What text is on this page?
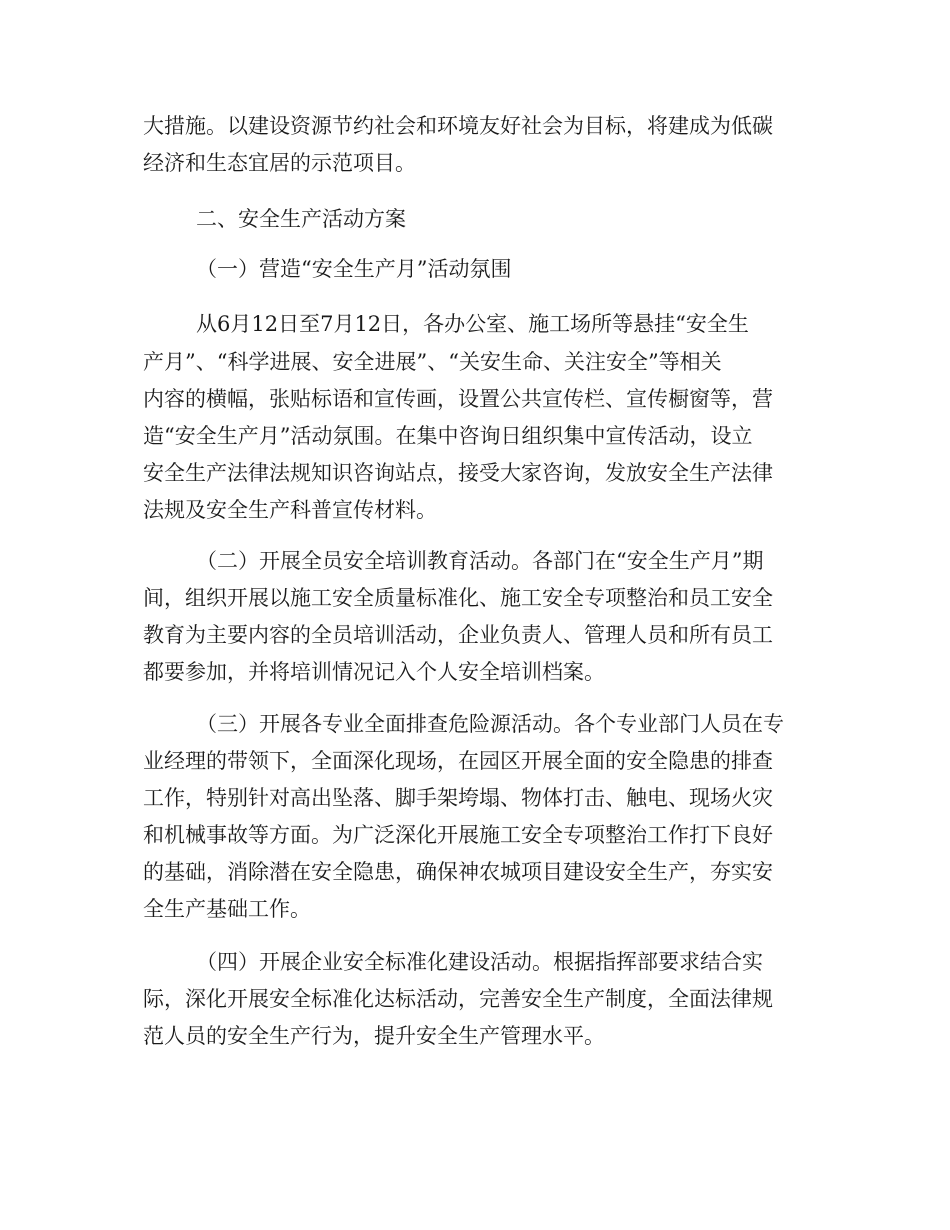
大措施。以建设资源节约社会和环境友好社会为目标，将建成为低碳
经济和生态宜居的示范项目。
二、安全生产活动方案
（一）营造“安全生产月”活动氛围
从6月12日至7月12日，各办公室、施工场所等悬挂“安全生
产月”、“科学进展、安全进展”、“关安生命、关注安全”等相关
内容的横幅，张贴标语和宣传画，设置公共宣传栏、宣传橱窗等，营
造“安全生产月”活动氛围。在集中咨询日组织集中宣传活动，设立
安全生产法律法规知识咨询站点，接受大家咨询，发放安全生产法律
法规及安全生产科普宣传材料。
（二）开展全员安全培训教育活动。各部门在“安全生产月”期
间，组织开展以施工安全质量标准化、施工安全专项整治和员工安全
教育为主要内容的全员培训活动，企业负责人、管理人员和所有员工
都要参加，并将培训情况记入个人安全培训档案。
（三）开展各专业全面排查危险源活动。各个专业部门人员在专
业经理的带领下，全面深化现场，在园区开展全面的安全隐患的排查
工作，特别针对高出坠落、脚手架垮塌、物体打击、触电、现场火灾
和机械事故等方面。为广泛深化开展施工安全专项整治工作打下良好
的基础，消除潜在安全隐患，确保神农城项目建设安全生产，夯实安
全生产基础工作。
（四）开展企业安全标准化建设活动。根据指挥部要求结合实
际，深化开展安全标准化达标活动，完善安全生产制度，全面法律规
范人员的安全生产行为，提升安全生产管理水平。
